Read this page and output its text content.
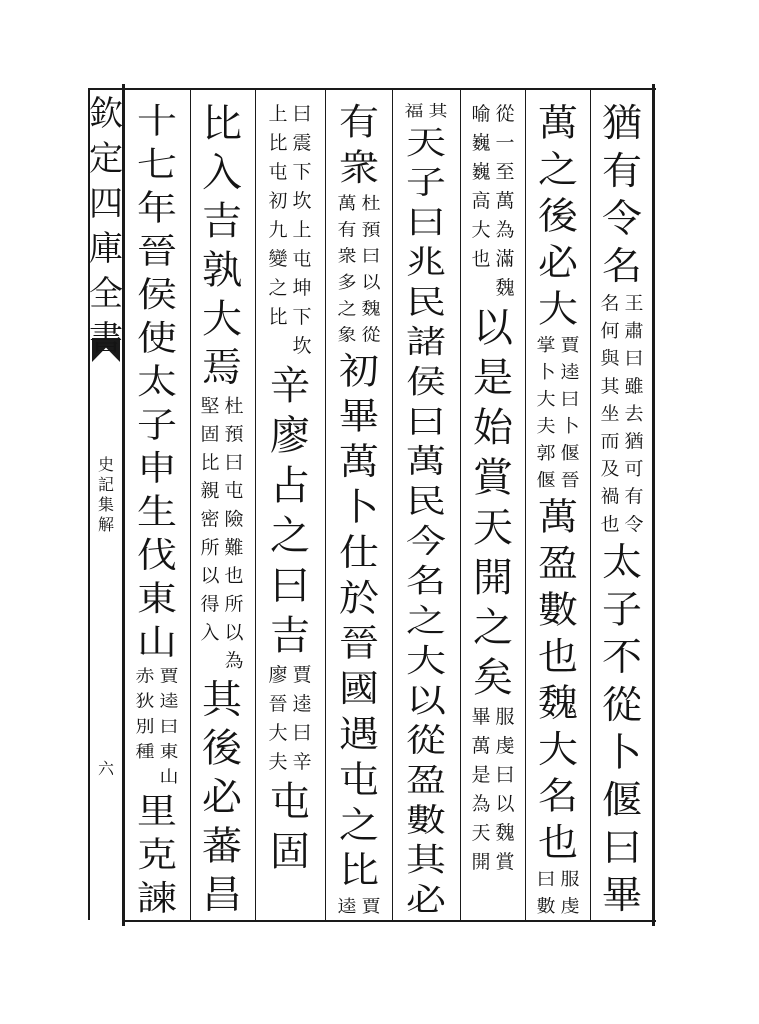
欽
定
四
庫
全
書
史
記
集
解
六
猶
有
令
名
王
肅
曰
雖
去
猶
可
有
令
名
何
與
其
坐
而
及
禍
也
太
子
不
從
卜
偃
曰
畢
萬
之
後
必
大
賈
逵
曰
卜
偃
晉
掌
卜
大
夫
郭
偃
萬
盈
數
也
魏
大
名
也
服
虔
曰
數
從
一
至
萬
為
滿
魏
喻
巍
巍
高
大
也
以
是
始
賞
天
開
之
矣
服
虔
曰
以
魏
賞
畢
萬
是
為
天
開
其
福
天
子
曰
兆
民
諸
侯
曰
萬
民
今
名
之
大
以
從
盈
數
其
必
有
衆
杜
預
曰
以
魏
從
萬
有
衆
多
之
象
初
畢
萬
卜
仕
於
晉
國
遇
屯
之
比
賈
逵
曰
震
下
坎
上
屯
坤
下
坎
上
比
屯
初
九
變
之
比
辛
廖
占
之
曰
吉
賈
逵
曰
辛
廖
晉
大
夫
屯
固
比
入
吉
孰
大
焉
杜
預
曰
屯
險
難
也
所
以
為
堅
固
比
親
密
所
以
得
入
其
後
必
蕃
昌
十
七
年
晉
侯
使
太
子
申
生
伐
東
山
賈
逵
曰
東
山
赤
狄
別
種
里
克
諫
